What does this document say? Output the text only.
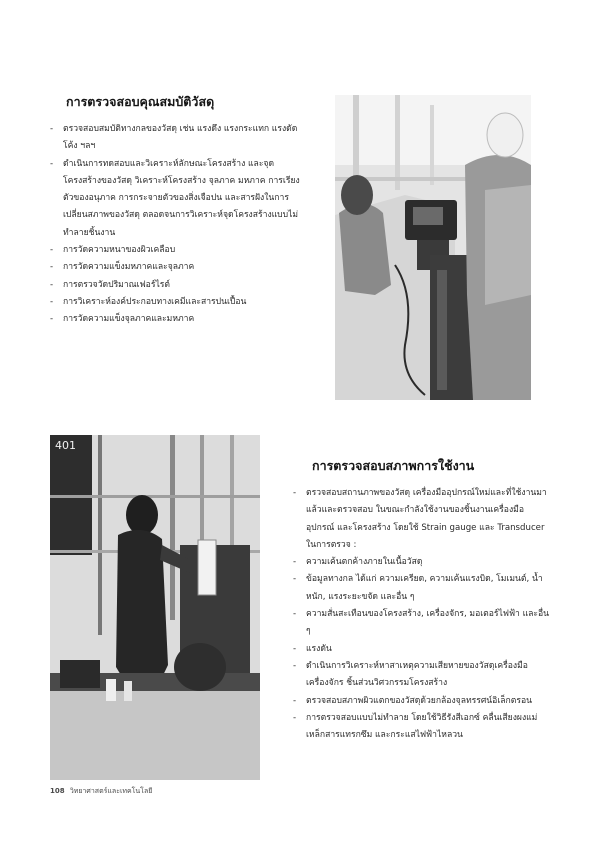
การตรวจสอบคุณสมบัติวัสดุ
การตรวจสอบสภาพการใช้งาน
-	ตรวจสอบสมบัติทางกลของวัสดุ เช่น แรงดึง แรงกระแทก แรงดัดโค้ง ฯลฯ
-	ดำเนินการทดสอบและวิเคราะห์ลักษณะโครงสร้าง และจุดโครงสร้างของวัสดุ วิเคราะห์โครงสร้าง จุลภาค มหภาค การเรียงตัวของอนุภาค การกระจายตัวของสิ่งเจือปน และสารฝังในการเปลี่ยนสภาพของวัสดุ ตลอดจนการวิเคราะห์จุดโครงสร้างแบบไม่ทำลายชิ้นงาน
-	การวัดความหนาของผิวเคลือบ
-	การวัดความแข็งมหภาคและจุลภาค
-	การตรวจวัดปริมาณเฟอร์ไรต์
-	การวิเคราะห์องค์ประกอบทางเคมีและสารปนเปื้อน
-	การวัดความแข็งจุลภาคและมหภาค
-	ตรวจสอบสถานภาพของวัสดุ เครื่องมืออุปกรณ์ใหม่และที่ใช้งานมาแล้วและตรวจสอบ ในขณะกำลังใช้งานของชิ้นงานเครื่องมือ อุปกรณ์ และโครงสร้าง โดยใช้ Strain gauge และ Transducer ในการตรวจ :
-	ความเค้นตกค้างภายในเนื้อวัสดุ
-	ข้อมูลทางกล ได้แก่ ความเครียด, ความเค้นแรงบิด, โมเมนต์, น้ำหนัก, แรงระยะขจัด และอื่น ๆ
-	ความสั่นสะเทือนของโครงสร้าง, เครื่องจักร, มอเตอร์ไฟฟ้า และอื่น ๆ
-	แรงดัน
-	ดำเนินการวิเคราะห์หาสาเหตุความเสียหายของวัสดุเครื่องมือเครื่องจักร ชิ้นส่วนวิศวกรรมโครงสร้าง
-	ตรวจสอบสภาพผิวแตกของวัสดุด้วยกล้องจุลทรรศน์อิเล็กตรอน
-	การตรวจสอบแบบไม่ทำลาย โดยใช้วิธีรังสีเอกซ์ คลื่นเสียงผงแม่เหล็กสารแทรกซึม และกระแสไฟฟ้าไหลวน
401
108 วิทยาศาสตร์และเทคโนโลยี
